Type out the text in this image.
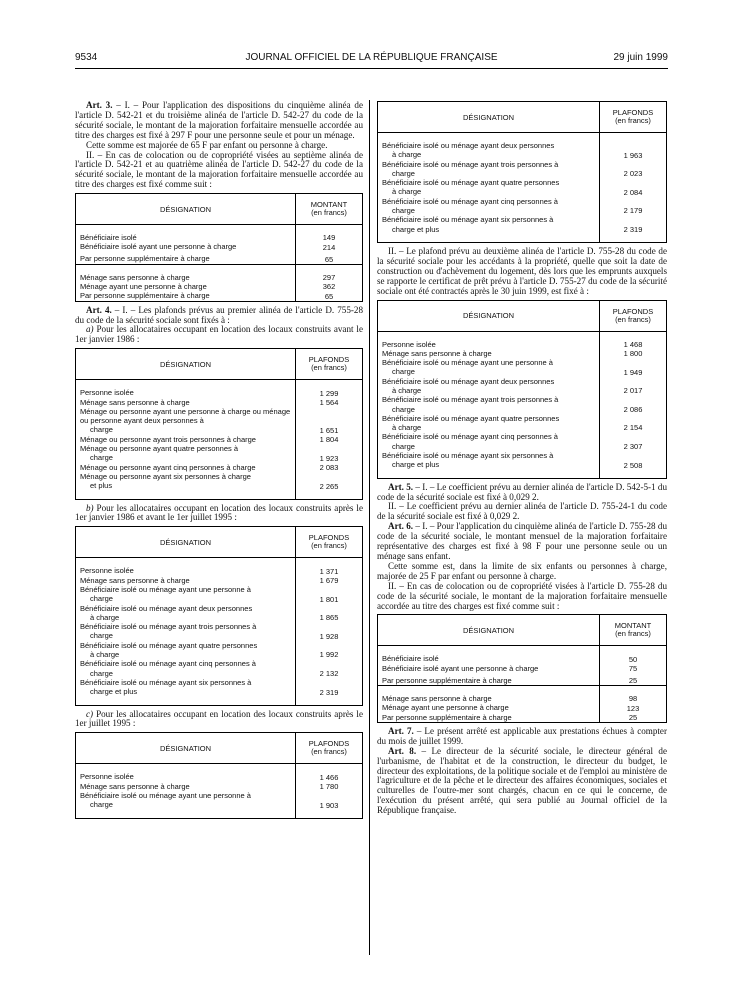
9534	JOURNAL OFFICIEL DE LA RÉPUBLIQUE FRANÇAISE	29 juin 1999

Art. 3. – I. – Pour l'application des dispositions du cinquième alinéa de l'article D. 542-21 et du troisième alinéa de l'article D. 542-27 du code de la sécurité sociale, le montant de la majoration forfaitaire mensuelle accordée au titre des charges est fixé à 297 F pour une personne seule et pour un ménage.

Cette somme est majorée de 65 F par enfant ou personne à charge.

II. – En cas de colocation ou de copropriété visées au septième alinéa de l'article D. 542-21 et au quatrième alinéa de l'article D. 542-27 du code de la sécurité sociale, le montant de la majoration forfaitaire mensuelle accordée au titre des charges est fixé comme suit :

DÉSIGNATION	MONTANT
(en francs)

Bénéficiaire isolé	149
Bénéficiaire isolé ayant une personne à charge	214
Par personne supplémentaire à charge	65

Ménage sans personne à charge	297
Ménage ayant une personne à charge	362
Par personne supplémentaire à charge	65

Art. 4. – I. – Les plafonds prévus au premier alinéa de l'article D. 755-28 du code de la sécurité sociale sont fixés à :

a) Pour les allocataires occupant en location des locaux construits avant le 1er janvier 1986 :

DÉSIGNATION	PLAFONDS
(en francs)

Personne isolée	1 299

Ménage sans personne à charge	1 564

Ménage ou personne ayant une personne à charge ou ménage ou personne ayant deux personnes à
charge	1 651

Ménage ou personne ayant trois personnes à charge	1 804

Ménage ou personne ayant quatre personnes à
charge	1 923

Ménage ou personne ayant cinq personnes à charge	2 083

Ménage ou personne ayant six personnes à charge
et plus	2 265

b) Pour les allocataires occupant en location des locaux construits après le 1er janvier 1986 et avant le 1er juillet 1995 :

DÉSIGNATION	PLAFONDS
(en francs)

Personne isolée	1 371

Ménage sans personne à charge	1 679

Bénéficiaire isolé ou ménage ayant une personne à
charge	1 801

Bénéficiaire isolé ou ménage ayant deux personnes
à charge	1 865

Bénéficiaire isolé ou ménage ayant trois personnes à
charge	1 928

Bénéficiaire isolé ou ménage ayant quatre personnes
à charge	1 992

Bénéficiaire isolé ou ménage ayant cinq personnes à
charge	2 132

Bénéficiaire isolé ou ménage ayant six personnes à
charge et plus	2 319

c) Pour les allocataires occupant en location des locaux construits après le 1er juillet 1995 :

DÉSIGNATION	PLAFONDS
(en francs)

Personne isolée	1 466

Ménage sans personne à charge	1 780

Bénéficiaire isolé ou ménage ayant une personne à
charge	1 903

DÉSIGNATION	PLAFONDS
(en francs)

Bénéficiaire isolé ou ménage ayant deux personnes
à charge	1 963

Bénéficiaire isolé ou ménage ayant trois personnes à
charge	2 023

Bénéficiaire isolé ou ménage ayant quatre personnes
à charge	2 084

Bénéficiaire isolé ou ménage ayant cinq personnes à
charge	2 179

Bénéficiaire isolé ou ménage ayant six personnes à
charge et plus	2 319

II. – Le plafond prévu au deuxième alinéa de l'article D. 755-28 du code de la sécurité sociale pour les accédants à la propriété, quelle que soit la date de construction ou d'achèvement du logement, dès lors que les emprunts auxquels se rapporte le certificat de prêt prévu à l'article D. 755-27 du code de la sécurité sociale ont été contractés après le 30 juin 1999, est fixé à :

DÉSIGNATION	PLAFONDS
(en francs)

Personne isolée	1 468

Ménage sans personne à charge	1 800

Bénéficiaire isolé ou ménage ayant une personne à
charge	1 949

Bénéficiaire isolé ou ménage ayant deux personnes
à charge	2 017

Bénéficiaire isolé ou ménage ayant trois personnes à
charge	2 086

Bénéficiaire isolé ou ménage ayant quatre personnes
à charge	2 154

Bénéficiaire isolé ou ménage ayant cinq personnes à
charge	2 307

Bénéficiaire isolé ou ménage ayant six personnes à
charge et plus	2 508

Art. 5. – I. – Le coefficient prévu au dernier alinéa de l'article D. 542-5-1 du code de la sécurité sociale est fixé à 0,029 2.

II. – Le coefficient prévu au dernier alinéa de l'article D. 755-24-1 du code de la sécurité sociale est fixé à 0,029 2.

Art. 6. – I. – Pour l'application du cinquième alinéa de l'article D. 755-28 du code de la sécurité sociale, le montant mensuel de la majoration forfaitaire représentative des charges est fixé à 98 F pour une personne seule ou un ménage sans enfant.

Cette somme est, dans la limite de six enfants ou personnes à charge, majorée de 25 F par enfant ou personne à charge.

II. – En cas de colocation ou de copropriété visées à l'article D. 755-28 du code de la sécurité sociale, le montant de la majoration forfaitaire mensuelle accordée au titre des charges est fixé comme suit :

DÉSIGNATION	MONTANT
(en francs)

Bénéficiaire isolé	50
Bénéficiaire isolé ayant une personne à charge	75
Par personne supplémentaire à charge	25

Ménage sans personne à charge	98
Ménage ayant une personne à charge	123
Par personne supplémentaire à charge	25

Art. 7. – Le présent arrêté est applicable aux prestations échues à compter du mois de juillet 1999.

Art. 8. – Le directeur de la sécurité sociale, le directeur général de l'urbanisme, de l'habitat et de la construction, le directeur du budget, le directeur des exploitations, de la politique sociale et de l'emploi au ministère de l'agriculture et de la pêche et le directeur des affaires économiques, sociales et culturelles de l'outre-mer sont chargés, chacun en ce qui le concerne, de l'exécution du présent arrêté, qui sera publié au Journal officiel de la République française.
